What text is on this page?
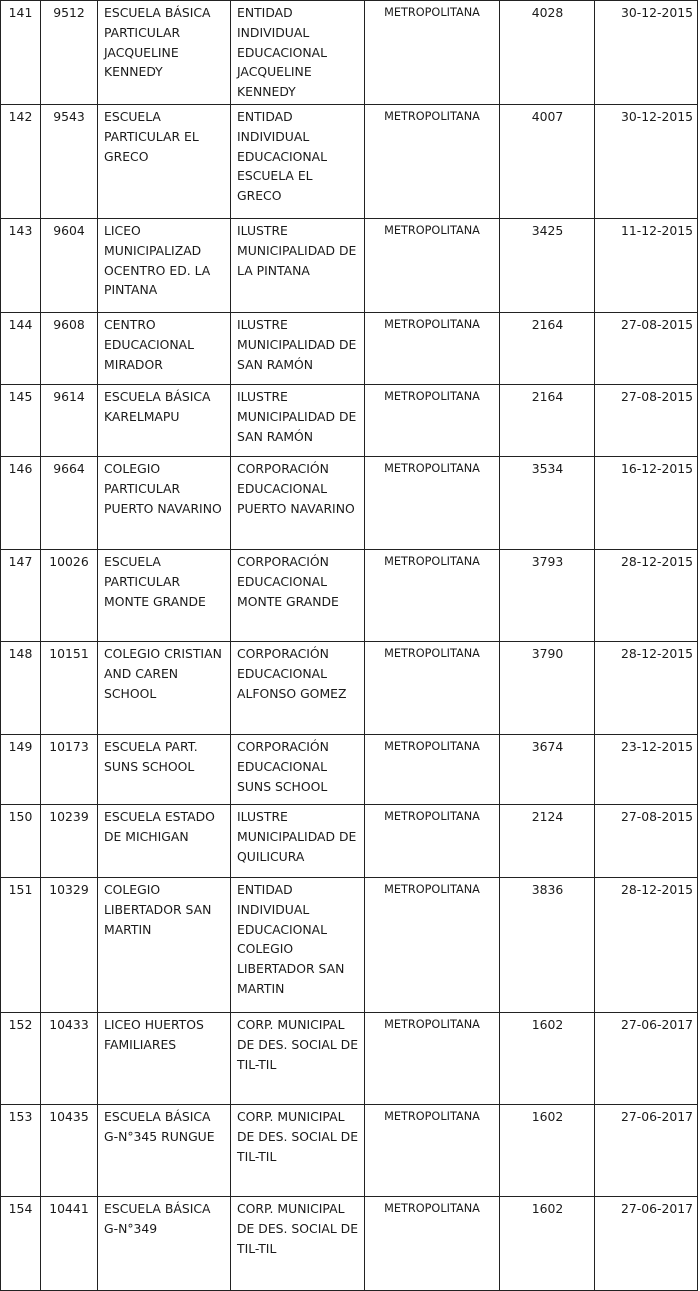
141	9512	ESCUELA BÁSICA PARTICULAR JACQUELINE KENNEDY	ENTIDAD INDIVIDUAL EDUCACIONAL JACQUELINE KENNEDY	METROPOLITANA	4028	30-12-2015
142	9543	ESCUELA PARTICULAR EL GRECO	ENTIDAD INDIVIDUAL EDUCACIONAL ESCUELA EL GRECO	METROPOLITANA	4007	30-12-2015
143	9604	LICEO MUNICIPALIZAD OCENTRO ED. LA PINTANA	ILUSTRE MUNICIPALIDAD DE LA PINTANA	METROPOLITANA	3425	11-12-2015
144	9608	CENTRO EDUCACIONAL MIRADOR	ILUSTRE MUNICIPALIDAD DE SAN RAMÓN	METROPOLITANA	2164	27-08-2015
145	9614	ESCUELA BÁSICA KARELMAPU	ILUSTRE MUNICIPALIDAD DE SAN RAMÓN	METROPOLITANA	2164	27-08-2015
146	9664	COLEGIO PARTICULAR PUERTO NAVARINO	CORPORACIÓN EDUCACIONAL PUERTO NAVARINO	METROPOLITANA	3534	16-12-2015
147	10026	ESCUELA PARTICULAR MONTE GRANDE	CORPORACIÓN EDUCACIONAL MONTE GRANDE	METROPOLITANA	3793	28-12-2015
148	10151	COLEGIO CRISTIAN AND CAREN SCHOOL	CORPORACIÓN EDUCACIONAL ALFONSO GOMEZ	METROPOLITANA	3790	28-12-2015
149	10173	ESCUELA PART. SUNS SCHOOL	CORPORACIÓN EDUCACIONAL SUNS SCHOOL	METROPOLITANA	3674	23-12-2015
150	10239	ESCUELA ESTADO DE MICHIGAN	ILUSTRE MUNICIPALIDAD DE QUILICURA	METROPOLITANA	2124	27-08-2015
151	10329	COLEGIO LIBERTADOR SAN MARTIN	ENTIDAD INDIVIDUAL EDUCACIONAL COLEGIO LIBERTADOR SAN MARTIN	METROPOLITANA	3836	28-12-2015
152	10433	LICEO HUERTOS FAMILIARES	CORP. MUNICIPAL DE DES. SOCIAL DE TIL-TIL	METROPOLITANA	1602	27-06-2017
153	10435	ESCUELA BÁSICA G-N°345 RUNGUE	CORP. MUNICIPAL DE DES. SOCIAL DE TIL-TIL	METROPOLITANA	1602	27-06-2017
154	10441	ESCUELA BÁSICA G-N°349	CORP. MUNICIPAL DE DES. SOCIAL DE TIL-TIL	METROPOLITANA	1602	27-06-2017
